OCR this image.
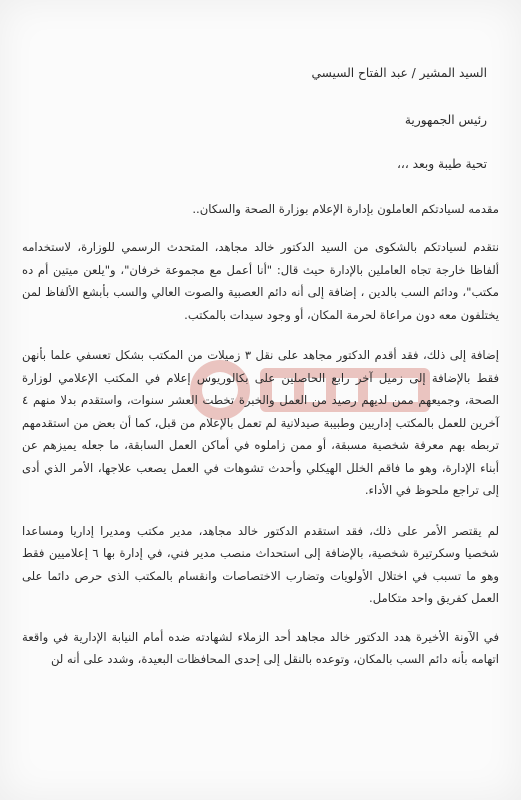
السيد المشير / عبد الفتاح السيسي

رئيس الجمهورية

تحية طيبة وبعد ،،،

مقدمه لسيادتكم العاملون بإدارة الإعلام بوزارة الصحة والسكان..

نتقدم لسيادتكم بالشكوى من السيد الدكتور خالد مجاهد، المتحدث الرسمي للوزارة، لاستخدامه ألفاظا خارجة تجاه العاملين بالإدارة حيث قال: "أنا أعمل مع مجموعة خرفان"، و"يلعن ميتين أم ده مكتب"، ودائم السب بالدين ، إضافة إلى أنه دائم العصبية والصوت العالي والسب بأبشع الألفاظ لمن يختلفون معه دون مراعاة لحرمة المكان، أو وجود سيدات بالمكتب.

إضافة إلى ذلك، فقد أقدم الدكتور مجاهد على نقل ٣ زميلات من المكتب بشكل تعسفي علما بأنهن فقط بالإضافة إلى زميل آخر رابع الحاصلين على بكالوريوس إعلام في المكتب الإعلامي لوزارة الصحة، وجميعهم ممن لديهم رصيد من العمل والخبرة تخطت العشر سنوات، واستقدم بدلا منهم ٤ آخرين للعمل بالمكتب إداريين وطبيبة صيدلانية لم تعمل بالإعلام من قبل، كما أن بعض من استقدمهم تربطه بهم معرفة شخصية مسبقة، أو ممن زاملوه في أماكن العمل السابقة، ما جعله يميزهم عن أبناء الإدارة، وهو ما فاقم الخلل الهيكلي وأحدث تشوهات في العمل يصعب علاجها، الأمر الذي أدى إلى تراجع ملحوظ في الأداء.

لم يقتصر الأمر على ذلك، فقد استقدم الدكتور خالد مجاهد، مدير مكتب ومديرا إداريا ومساعدا شخصيا وسكرتيرة شخصية، بالإضافة إلى استحداث منصب مدير فني، في إدارة بها ٦ إعلاميين فقط وهو ما تسبب في اختلال الأولويات وتضارب الاختصاصات وانقسام بالمكتب الذى حرص دائما على العمل كفريق واحد متكامل.

في الآونة الأخيرة هدد الدكتور خالد مجاهد أحد الزملاء لشهادته ضده أمام النيابة الإدارية في واقعة اتهامه بأنه دائم السب بالمكان، وتوعده بالنقل إلى إحدى المحافظات البعيدة، وشدد على أنه لن
